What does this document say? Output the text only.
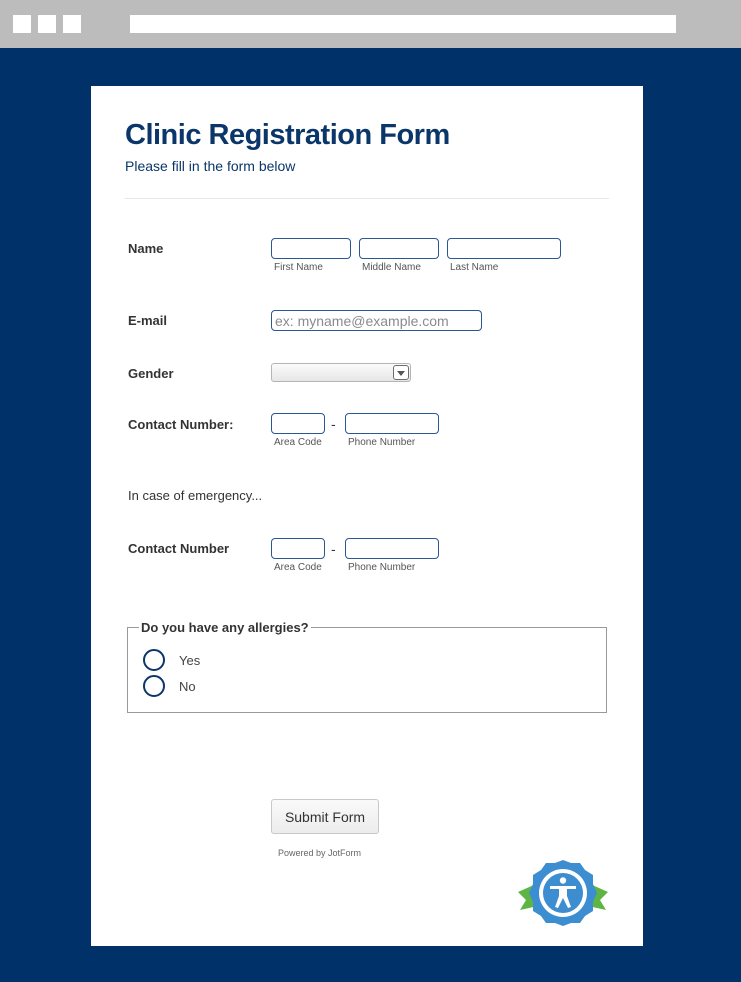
Clinic Registration Form
Please fill in the form below
Name
First Name	Middle Name	Last Name
E-mail
ex: myname@example.com
Gender
Contact Number:	-
Area Code	Phone Number
In case of emergency...
Contact Number	-
Area Code	Phone Number
Do you have any allergies?
Yes
No
Submit Form
Powered by JotForm
